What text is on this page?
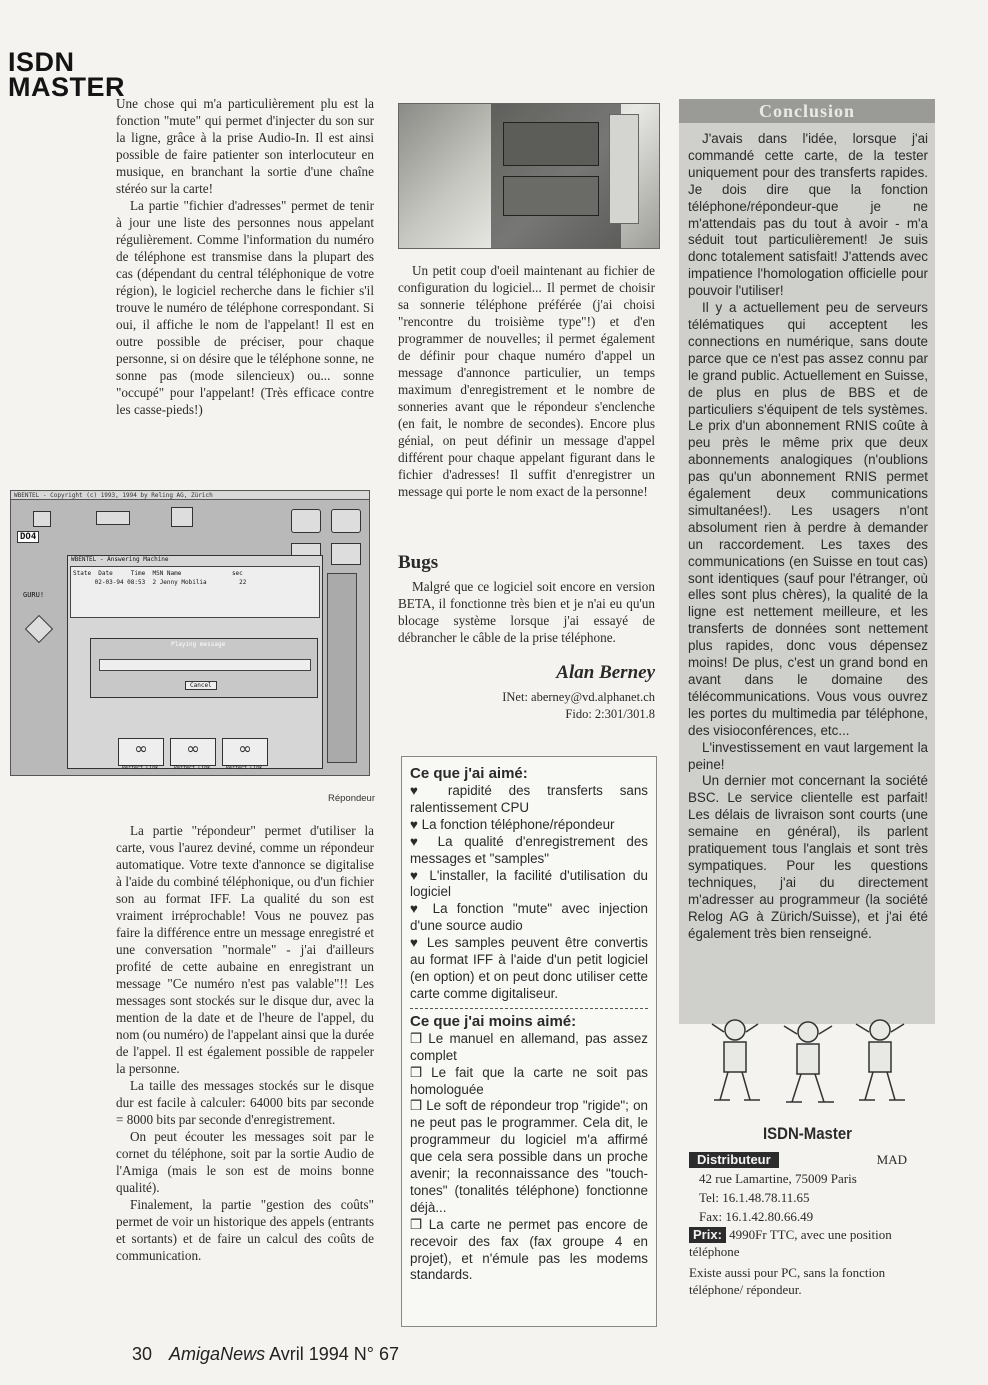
ISDN
MASTER

Une chose qui m'a particulièrement plu est la fonction "mute" qui permet d'injecter du son sur la ligne, grâce à la prise Audio-In. Il est ainsi possible de faire patienter son interlocuteur en musique, en branchant la sortie d'une chaîne stéréo sur la carte!

La partie "fichier d'adresses" permet de tenir à jour une liste des personnes nous appelant régulièrement. Comme l'information du numéro de téléphone est transmise dans la plupart des cas (dépendant du central téléphonique de votre région), le logiciel recherche dans le fichier s'il trouve le numéro de téléphone correspondant. Si oui, il affiche le nom de l'appelant! Il est en outre possible de préciser, pour chaque personne, si on désire que le téléphone sonne, ne sonne pas (mode silencieux) ou... sonne "occupé" pour l'appelant! (Très efficace contre les casse-pieds!)

WBENTEL - Copyright (c) 1993, 1994 by Reling AG, Zürich
DO4
GURU!
WBENTEL - Answering Machine
State  Date     Time  MSN Name              sec
02-03-94 08:53  2 Jenny Mobilia         22
Playing message
Cancel
∞
Perfect Link
∞
Perfect Link
∞
Perfect Link
Répondeur

La partie "répondeur" permet d'utiliser la carte, vous l'aurez deviné, comme un répondeur automatique. Votre texte d'annonce se digitalise à l'aide du combiné téléphonique, ou d'un fichier son au format IFF. La qualité du son est vraiment irréprochable! Vous ne pouvez pas faire la différence entre un message enregistré et une conversation "normale" - j'ai d'ailleurs profité de cette aubaine en enregistrant un message "Ce numéro n'est pas valable"!! Les messages sont stockés sur le disque dur, avec la mention de la date et de l'heure de l'appel, du nom (ou numéro) de l'appelant ainsi que la durée de l'appel. Il est également possible de rappeler la personne.

La taille des messages stockés sur le disque dur est facile à calculer: 64000 bits par seconde = 8000 bits par seconde d'enregistrement.

On peut écouter les messages soit par le cornet du téléphone, soit par la sortie Audio de l'Amiga (mais le son est de moins bonne qualité).

Finalement, la partie "gestion des coûts" permet de voir un historique des appels (entrants et sortants) et de faire un calcul des coûts de communication.

Un petit coup d'oeil maintenant au fichier de configuration du logiciel... Il permet de choisir sa sonnerie téléphone préférée (j'ai choisi "rencontre du troisième type"!) et d'en programmer de nouvelles; il permet également de définir pour chaque numéro d'appel un message d'annonce particulier, un temps maximum d'enregistrement et le nombre de sonneries avant que le répondeur s'enclenche (en fait, le nombre de secondes). Encore plus génial, on peut définir un message d'appel différent pour chaque appelant figurant dans le fichier d'adresses! Il suffit d'enregistrer un message qui porte le nom exact de la personne!

Bugs

Malgré que ce logiciel soit encore en version BETA, il fonctionne très bien et je n'ai eu qu'un blocage système lorsque j'ai essayé de débrancher le câble de la prise téléphone.

Alan Berney
INet: aberney@vd.alphanet.ch
Fido: 2:301/301.8
Ce que j'ai aimé:
♥ rapidité des transferts sans ralentissement CPU
♥ La fonction téléphone/répondeur
♥ La qualité d'enregistrement des messages et "samples"
♥ L'installer, la facilité d'utilisation du logiciel
♥ La fonction "mute" avec injection d'une source audio
♥ Les samples peuvent être convertis au format IFF à l'aide d'un petit logiciel (en option) et on peut donc utiliser cette carte comme digitaliseur.
Ce que j'ai moins aimé:
❒ Le manuel en allemand, pas assez complet
❒ Le fait que la carte ne soit pas homologuée
❒ Le soft de répondeur trop "rigide"; on ne peut pas le programmer. Cela dit, le programmeur du logiciel m'a affirmé que cela sera possible dans un proche avenir; la reconnaissance des "touch-tones" (tonalités téléphone) fonctionne déjà...
❒ La carte ne permet pas encore de recevoir des fax (fax groupe 4 en projet), et n'émule pas les modems standards.
Conclusion

J'avais dans l'idée, lorsque j'ai commandé cette carte, de la tester uniquement pour des transferts rapides. Je dois dire que la fonction téléphone/répondeur-que je ne m'attendais pas du tout à avoir - m'a séduit tout particulièrement! Je suis donc totalement satisfait! J'attends avec impatience l'homologation officielle pour pouvoir l'utiliser!

Il y a actuellement peu de serveurs télématiques qui acceptent les connections en numérique, sans doute parce que ce n'est pas assez connu par le grand public. Actuellement en Suisse, de plus en plus de BBS et de particuliers s'équipent de tels systèmes. Le prix d'un abonnement RNIS coûte à peu près le même prix que deux abonnements analogiques (n'oublions pas qu'un abonnement RNIS permet également deux communications simultanées!). Les usagers n'ont absolument rien à perdre à demander un raccordement. Les taxes des communications (en Suisse en tout cas) sont identiques (sauf pour l'étranger, où elles sont plus chères), la qualité de la ligne est nettement meilleure, et les transferts de données sont nettement plus rapides, donc vous dépensez moins! De plus, c'est un grand bond en avant dans le domaine des télécommunications. Vous vous ouvrez les portes du multimedia par téléphone, des visioconférences, etc...

L'investissement en vaut largement la peine!

Un dernier mot concernant la société BSC. Le service clientelle est parfait! Les délais de livraison sont courts (une semaine en général), ils parlent pratiquement tous l'anglais et sont très sympatiques. Pour les questions techniques, j'ai du directement m'adresser au programmeur (la société Relog AG à Zürich/Suisse), et j'ai été également très bien renseigné.

ISDN-Master
Distributeur	MAD
42 rue Lamartine, 75009 Paris
Tel: 16.1.48.78.11.65
Fax: 16.1.42.80.66.49
Prix: 4990Fr TTC, avec une position téléphone
Existe aussi pour PC, sans la fonction téléphone/ répondeur.
30 AmigaNews Avril 1994 N° 67
